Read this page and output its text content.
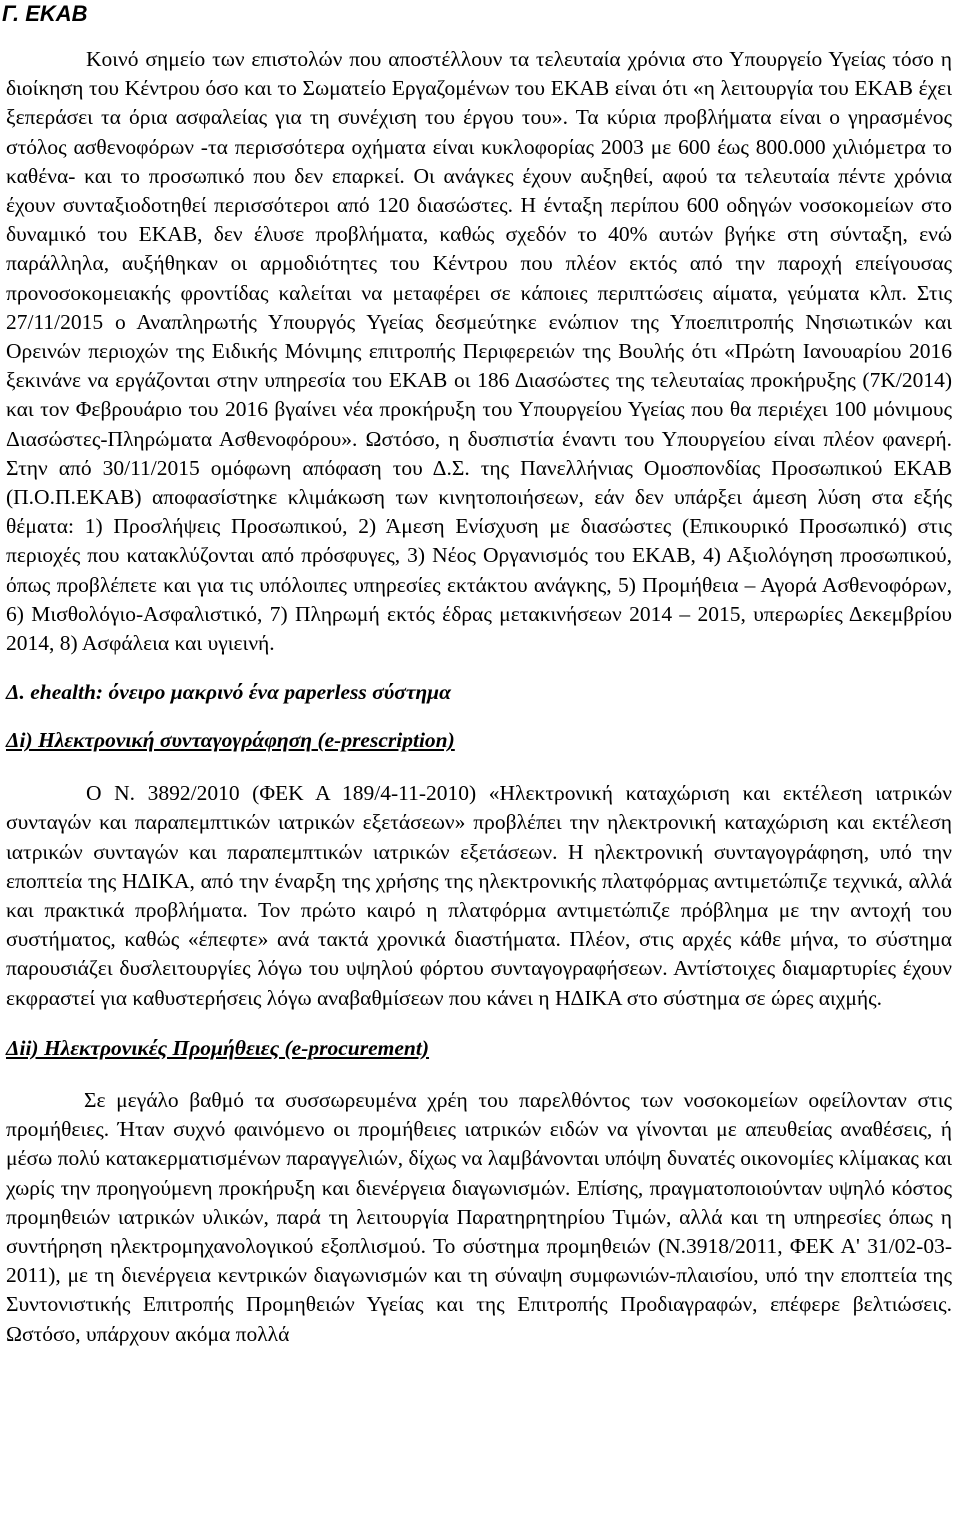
Γ. ΕΚΑΒ

Κοινό σημείο των επιστολών που αποστέλλουν τα τελευταία χρόνια στο Υπουργείο Υγείας τόσο η διοίκηση του Κέντρου όσο και το Σωματείο Εργαζομένων του ΕΚΑΒ είναι ότι «η λειτουργία του ΕΚΑΒ έχει ξεπεράσει τα όρια ασφαλείας για τη συνέχιση του έργου του». Τα κύρια προβλήματα είναι ο γηρασμένος στόλος ασθενοφόρων -τα περισσότερα οχήματα είναι κυκλοφορίας 2003 με 600 έως 800.000 χιλιόμετρα το καθένα- και το προσωπικό που δεν επαρκεί. Οι ανάγκες έχουν αυξηθεί, αφού τα τελευταία πέντε χρόνια έχουν συνταξιοδοτηθεί περισσότεροι από 120 διασώστες. Η ένταξη περίπου 600 οδηγών νοσοκομείων στο δυναμικό του ΕΚΑΒ, δεν έλυσε προβλήματα, καθώς σχεδόν το 40% αυτών βγήκε στη σύνταξη, ενώ παράλληλα, αυξήθηκαν οι αρμοδιότητες του Κέντρου που πλέον εκτός από την παροχή επείγουσας προνοσοκομειακής φροντίδας καλείται να μεταφέρει σε κάποιες περιπτώσεις αίματα, γεύματα κλπ. Στις 27/11/2015 ο Αναπληρωτής Υπουργός Υγείας δεσμεύτηκε ενώπιον της Υποεπιτροπής Νησιωτικών και Ορεινών περιοχών της Ειδικής Μόνιμης επιτροπής Περιφερειών της Βουλής ότι «Πρώτη Ιανουαρίου 2016 ξεκινάνε να εργάζονται στην υπηρεσία του ΕΚΑΒ οι 186 Διασώστες της τελευταίας προκήρυξης (7Κ/2014) και τον Φεβρουάριο του 2016 βγαίνει νέα προκήρυξη του Υπουργείου Υγείας που θα περιέχει 100 μόνιμους Διασώστες-Πληρώματα Ασθενοφόρου». Ωστόσο, η δυσπιστία έναντι του Υπουργείου είναι πλέον φανερή. Στην από 30/11/2015 ομόφωνη απόφαση του Δ.Σ. της Πανελλήνιας Ομοσπονδίας Προσωπικού ΕΚΑΒ (Π.Ο.Π.ΕΚΑΒ) αποφασίστηκε κλιμάκωση των κινητοποιήσεων, εάν δεν υπάρξει άμεση λύση στα εξής θέματα: 1) Προσλήψεις Προσωπικού, 2) Άμεση Ενίσχυση με διασώστες (Επικουρικό Προσωπικό) στις περιοχές που κατακλύζονται από πρόσφυγες, 3) Νέος Οργανισμός του ΕΚΑΒ, 4) Αξιολόγηση προσωπικού, όπως προβλέπετε και για τις υπόλοιπες υπηρεσίες εκτάκτου ανάγκης, 5) Προμήθεια – Αγορά Ασθενοφόρων, 6) Μισθολόγιο-Ασφαλιστικό, 7) Πληρωμή εκτός έδρας μετακινήσεων 2014 – 2015, υπερωρίες Δεκεμβρίου 2014, 8) Ασφάλεια και υγιεινή.

Δ. ehealth: όνειρο μακρινό ένα paperless σύστημα
Δi) Ηλεκτρονική συνταγογράφηση (e-prescription)

Ο Ν. 3892/2010 (ΦΕΚ Α 189/4-11-2010) «Ηλεκτρονική καταχώριση και εκτέλεση ιατρικών συνταγών και παραπεμπτικών ιατρικών εξετάσεων» προβλέπει την ηλεκτρονική καταχώριση και εκτέλεση ιατρικών συνταγών και παραπεμπτικών ιατρικών εξετάσεων. Η ηλεκτρονική συνταγογράφηση, υπό την εποπτεία της ΗΔΙΚΑ, από την έναρξη της χρήσης της ηλεκτρονικής πλατφόρμας αντιμετώπιζε τεχνικά, αλλά και πρακτικά προβλήματα. Τον πρώτο καιρό η πλατφόρμα αντιμετώπιζε πρόβλημα με την αντοχή του συστήματος, καθώς «έπεφτε» ανά τακτά χρονικά διαστήματα. Πλέον, στις αρχές κάθε μήνα, το σύστημα παρουσιάζει δυσλειτουργίες λόγω του υψηλού φόρτου συνταγογραφήσεων. Αντίστοιχες διαμαρτυρίες έχουν εκφραστεί για καθυστερήσεις λόγω αναβαθμίσεων που κάνει η ΗΔΙΚΑ στο σύστημα σε ώρες αιχμής.

Δii) Ηλεκτρονικές Προμήθειες (e-procurement)

Σε μεγάλο βαθμό τα συσσωρευμένα χρέη του παρελθόντος των νοσοκομείων οφείλονταν στις προμήθειες. Ήταν συχνό φαινόμενο οι προμήθειες ιατρικών ειδών να γίνονται με απευθείας αναθέσεις, ή μέσω πολύ κατακερματισμένων παραγγελιών, δίχως να λαμβάνονται υπόψη δυνατές οικονομίες κλίμακας και χωρίς την προηγούμενη προκήρυξη και διενέργεια διαγωνισμών. Επίσης, πραγματοποιούνταν υψηλό κόστος προμηθειών ιατρικών υλικών, παρά τη λειτουργία Παρατηρητηρίου Τιμών, αλλά και τη υπηρεσίες όπως η συντήρηση ηλεκτρομηχανολογικού εξοπλισμού. Το σύστημα προμηθειών (Ν.3918/2011, ΦΕΚ Α' 31/02-03-2011), με τη διενέργεια κεντρικών διαγωνισμών και τη σύναψη συμφωνιών-πλαισίου, υπό την εποπτεία της Συντονιστικής Επιτροπής Προμηθειών Υγείας και της Επιτροπής Προδιαγραφών, επέφερε βελτιώσεις. Ωστόσο, υπάρχουν ακόμα πολλά
